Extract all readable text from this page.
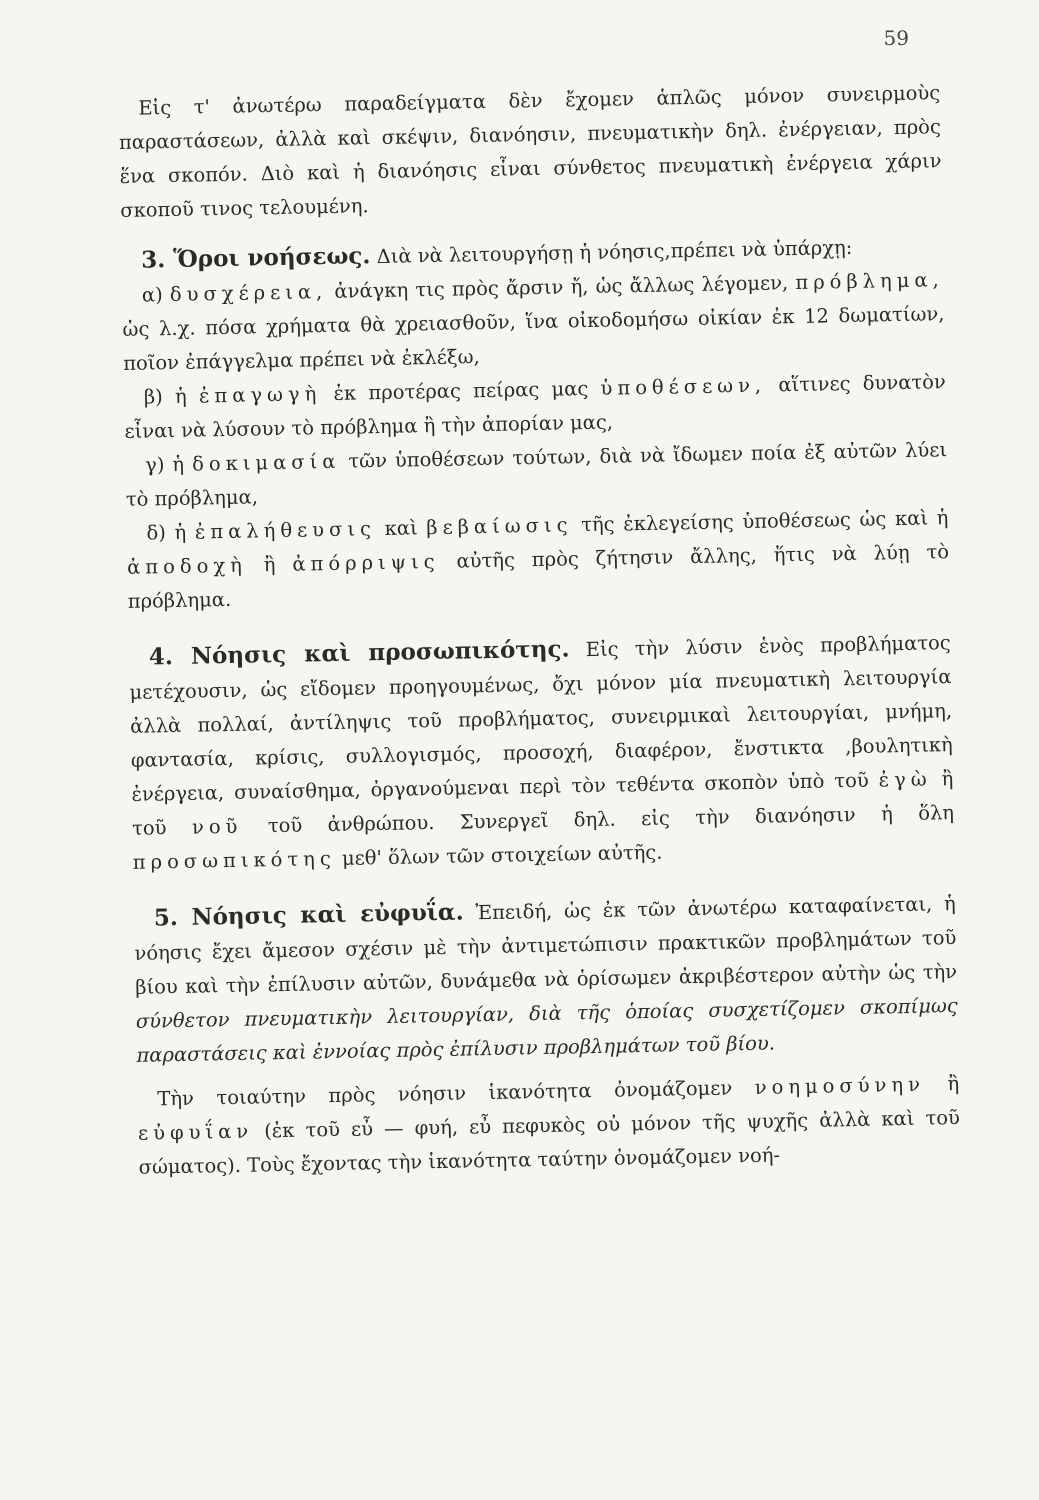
59

Εἰς τ' ἀνωτέρω παραδείγματα δὲν ἔχομεν ἁπλῶς μόνον συνειρμοὺς παραστάσεων, ἀλλὰ καὶ σκέψιν, διανόησιν, πνευματικὴν δηλ. ἐνέργειαν, πρὸς ἕνα σκοπόν. Διὸ καὶ ἡ διανόησις εἶναι σύνθετος πνευματικὴ ἐνέργεια χάριν σκοποῦ τινος τελουμένη.

3. Ὅροι νοήσεως. Διὰ νὰ λειτουργήσῃ ἡ νόησις,πρέπει νὰ ὑπάρχῃ:

α) δυσχέρεια, ἀνάγκη τις πρὸς ἄρσιν ἤ, ὡς ἄλλως λέγομεν, πρόβλημα, ὡς λ.χ. πόσα χρήματα θὰ χρειασθοῦν, ἵνα οἰκοδομήσω οἰκίαν ἐκ 12 δωματίων, ποῖον ἐπάγγελμα πρέπει νὰ ἐκλέξω,

β) ἡ ἐπαγωγὴ ἐκ προτέρας πείρας μας ὑποθέσεων, αἵτινες δυνατὸν εἶναι νὰ λύσουν τὸ πρόβλημα ἢ τὴν ἀπορίαν μας,

γ) ἡ δοκιμασία τῶν ὑποθέσεων τούτων, διὰ νὰ ἴδωμεν ποία ἐξ αὐτῶν λύει τὸ πρόβλημα,

δ) ἡ ἐπαλήθευσις καὶ βεβαίωσις τῆς ἐκλεγείσης ὑποθέσεως ὡς καὶ ἡ ἀποδοχὴ ἢ ἀπόρριψις αὐτῆς πρὸς ζήτησιν ἄλλης, ἥτις νὰ λύῃ τὸ πρόβλημα.

4. Νόησις καὶ προσωπικότης. Εἰς τὴν λύσιν ἑνὸς προβλήματος μετέχουσιν, ὡς εἴδομεν προηγουμένως, ὄχι μόνον μία πνευματικὴ λειτουργία ἀλλὰ πολλαί, ἀντίληψις τοῦ προβλήματος, συνειρμικαὶ λειτουργίαι, μνήμη, φαντασία, κρίσις, συλλογισμός, προσοχή, διαφέρον, ἔνστικτα ,βουλητικὴ ἐνέργεια, συναίσθημα, ὀργανούμεναι περὶ τὸν τεθέντα σκοπὸν ὑπὸ τοῦ ἐγὼ ἢ τοῦ νοῦ τοῦ ἀνθρώπου. Συνεργεῖ δηλ. εἰς τὴν διανόησιν ἡ ὅλη προσωπικότης μεθ' ὅλων τῶν στοιχείων αὐτῆς.

5. Νόησις καὶ εὐφυΐα. Ἐπειδή, ὡς ἐκ τῶν ἀνωτέρω καταφαίνεται, ἡ νόησις ἔχει ἄμεσον σχέσιν μὲ τὴν ἀντιμετώπισιν πρακτικῶν προβλημάτων τοῦ βίου καὶ τὴν ἐπίλυσιν αὐτῶν, δυνάμεθα νὰ ὁρίσωμεν ἀκριβέστερον αὐτὴν ὡς τὴν σύνθετον πνευματικὴν λειτουργίαν, διὰ τῆς ὁποίας συσχετίζομεν σκοπίμως παραστάσεις καὶ ἐννοίας πρὸς ἐπίλυσιν προβλημάτων τοῦ βίου.

Τὴν τοιαύτην πρὸς νόησιν ἱκανότητα ὀνομάζομεν νοημοσύνην ἢ εὐφυΐαν (ἐκ τοῦ εὖ — φυή, εὖ πεφυκὸς οὐ μόνον τῆς ψυχῆς ἀλλὰ καὶ τοῦ σώματος). Τοὺς ἔχοντας τὴν ἱκανότητα ταύτην ὀνομάζομεν νοή-
